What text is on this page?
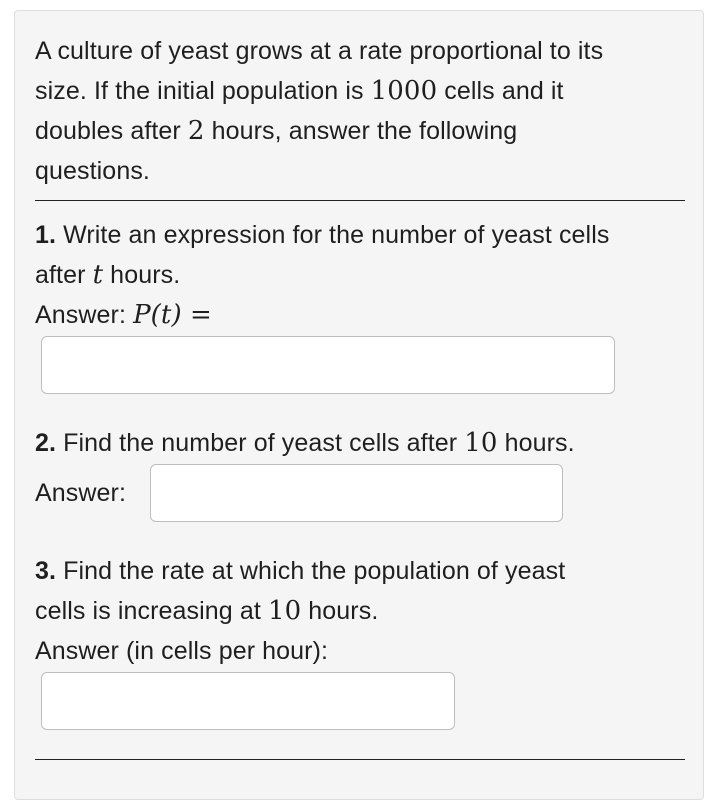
A culture of yeast grows at a rate proportional to its
size. If the initial population is 1000 cells and it
doubles after 2 hours, answer the following
questions.
1. Write an expression for the number of yeast cells
after t hours.
Answer: P(t) =
2. Find the number of yeast cells after 10 hours.
Answer:
3. Find the rate at which the population of yeast
cells is increasing at 10 hours.
Answer (in cells per hour):
